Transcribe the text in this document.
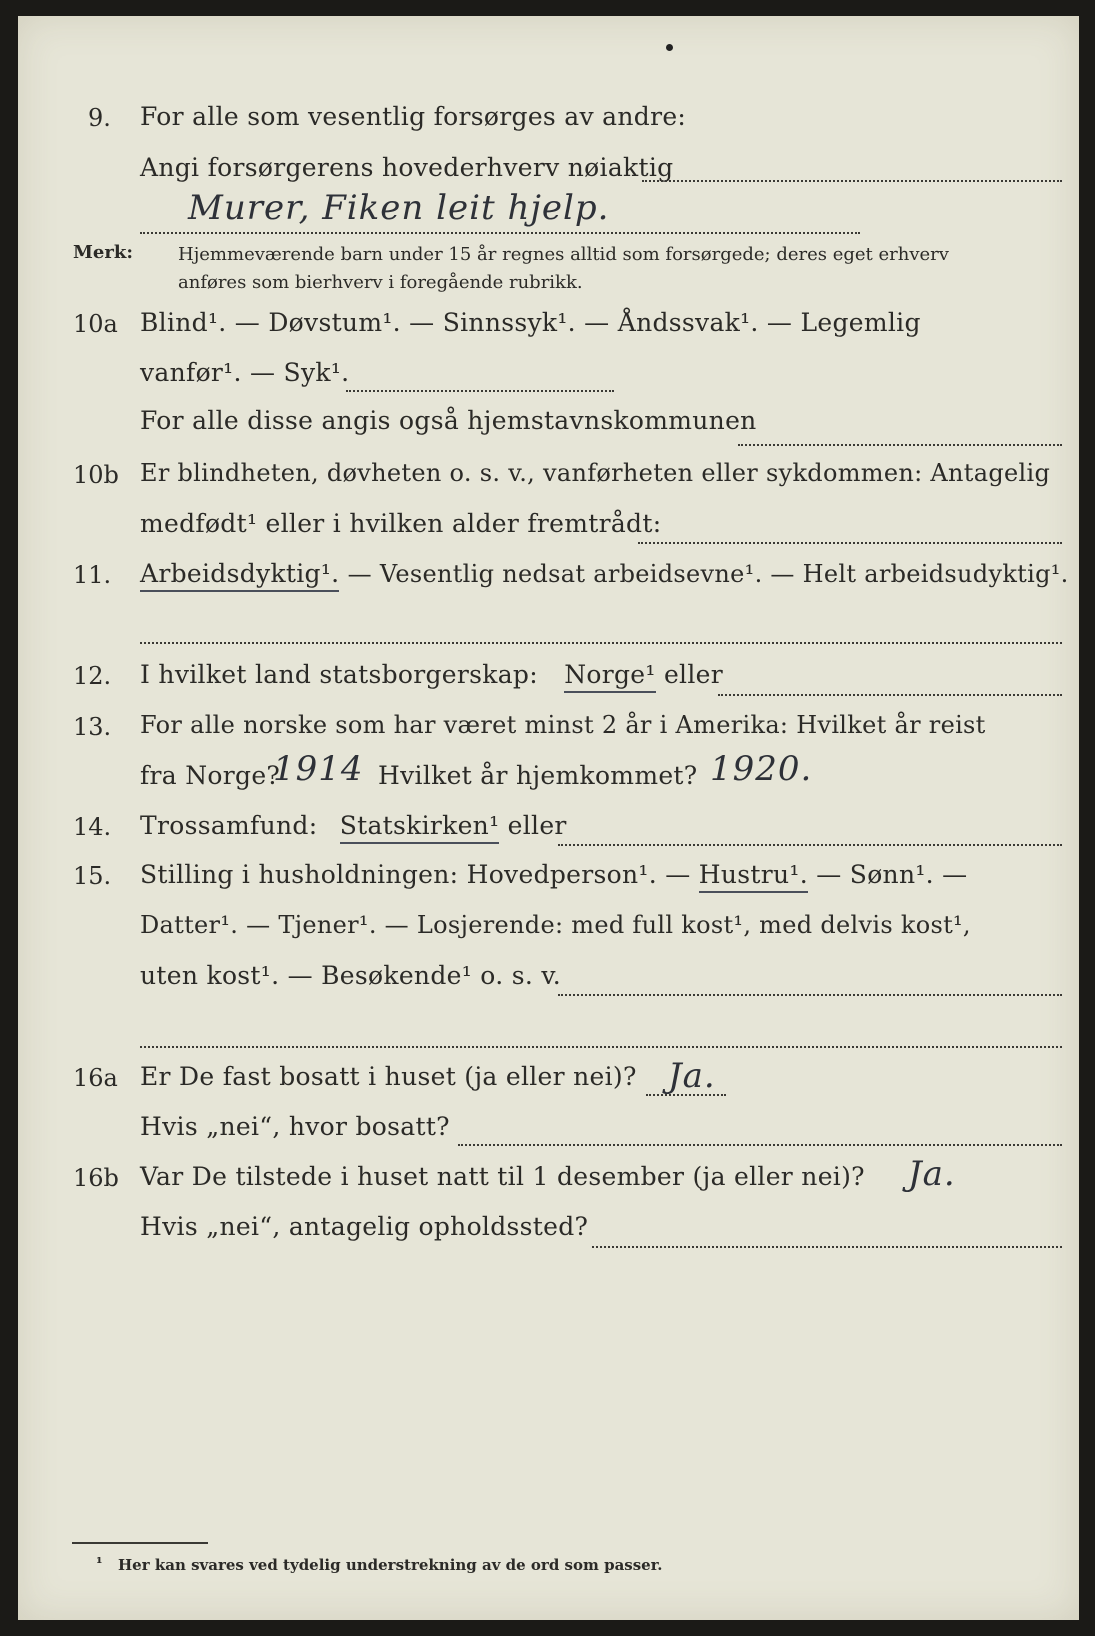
9. For alle som vesentlig forsørges av andre:
Angi forsørgerens hovederhverv nøiaktig
Murer, Fiken leit hjelp.
Merk:	Hjemmeværende barn under 15 år regnes alltid som forsørgede; deres eget erhverv
anføres som bierhverv i foregående rubrikk.
10a Blind¹. — Døvstum¹. — Sinnssyk¹. — Åndssvak¹. — Legemlig
vanfør¹. — Syk¹.
For alle disse angis også hjemstavnskommunen
10b Er blindheten, døvheten o. s. v., vanførheten eller sykdommen: Antagelig
medfødt¹ eller i hvilken alder fremtrådt:
11. Arbeidsdyktig¹. — Vesentlig nedsat arbeidsevne¹. — Helt arbeidsudyktig¹.
12. I hvilket land statsborgerskap: Norge¹ eller
13. For alle norske som har været minst 2 år i Amerika: Hvilket år reist
fra Norge?
1914 Hvilket år hjemkommet? 1920.
14. Trossamfund: Statskirken¹ eller
15. Stilling i husholdningen: Hovedperson¹. — Hustru¹. — Sønn¹. —
Datter¹. — Tjener¹. — Losjerende: med full kost¹, med delvis kost¹,
uten kost¹. — Besøkende¹ o. s. v.
16a Er De fast bosatt i huset (ja eller nei)? Ja.
Hvis „nei“, hvor bosatt?
16b Var De tilstede i huset natt til 1 desember (ja eller nei)? Ja.
Hvis „nei“, antagelig opholdssted?
¹ Her kan svares ved tydelig understrekning av de ord som passer.
